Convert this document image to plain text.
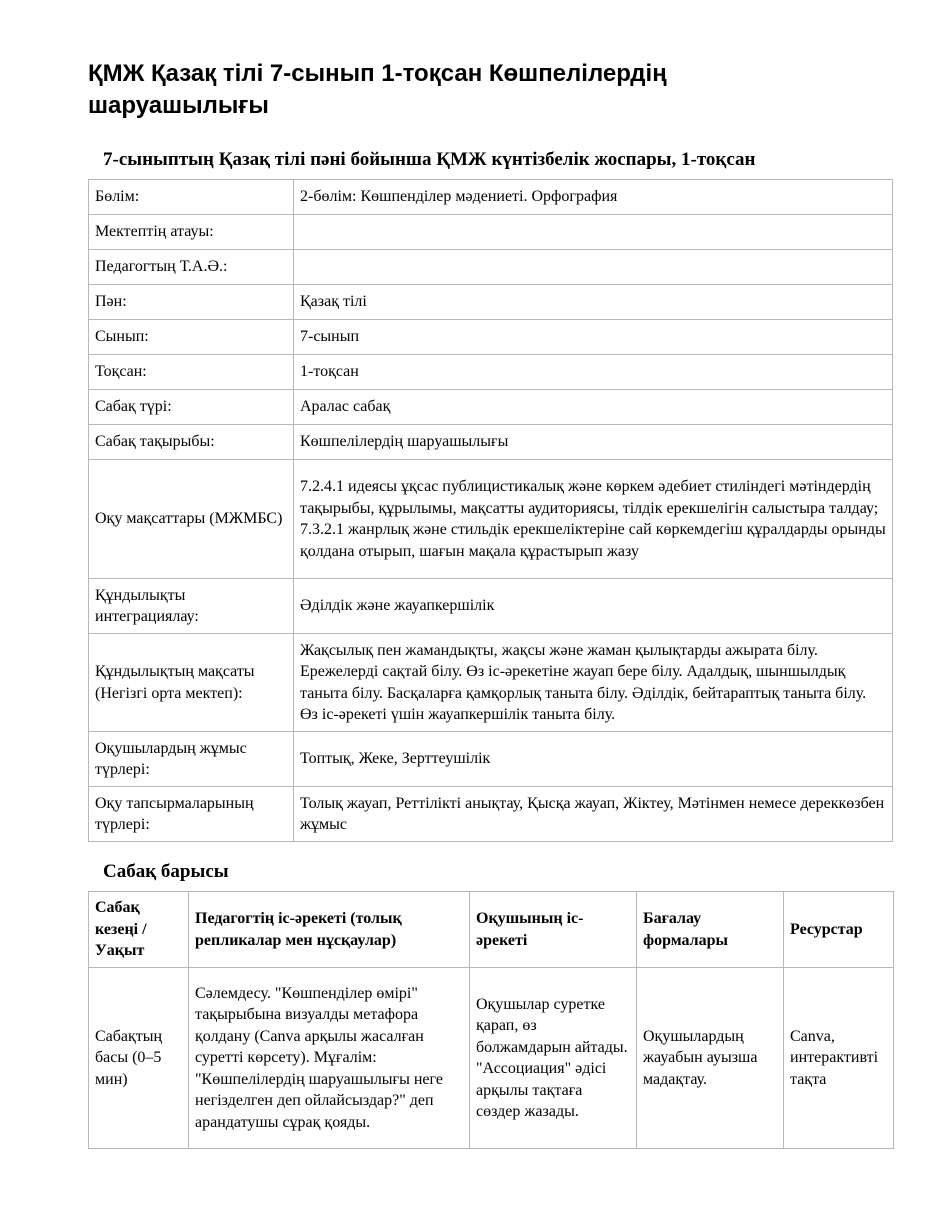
ҚМЖ Қазақ тілі 7-сынып 1-тоқсан Көшпелілердің шаруашылығы
7-сыныптың Қазақ тілі пәні бойынша ҚМЖ күнтізбелік жоспары, 1-тоқсан
Бөлім:	2-бөлім: Көшпенділер мәдениеті. Орфография
Мектептің атауы:	
Педагогтың Т.А.Ә.:	
Пән:	Қазақ тілі
Сынып:	7-сынып
Тоқсан:	1-тоқсан
Сабақ түрі:	Аралас сабақ
Сабақ тақырыбы:	Көшпелілердің шаруашылығы
Оқу мақсаттары (МЖМБС)	7.2.4.1 идеясы ұқсас публицистикалық және көркем әдебиет стиліндегі мәтіндердің тақырыбы, құрылымы, мақсатты аудиториясы, тілдік ерекшелігін салыстыра талдау; 7.3.2.1 жанрлық және стильдік ерекшеліктеріне сай көркемдегіш құралдарды орынды қолдана отырып, шағын мақала құрастырып жазу
Құндылықты интеграциялау:	Әділдік және жауапкершілік
Құндылықтың мақсаты (Негізгі орта мектеп):	Жақсылық пен жамандықты, жақсы және жаман қылықтарды ажырата білу. Ережелерді сақтай білу. Өз іс-әрекетіне жауап бере білу. Адалдық, шыншылдық таныта білу. Басқаларға қамқорлық таныта білу. Әділдік, бейтараптық таныта білу. Өз іс-әрекеті үшін жауапкершілік таныта білу.
Оқушылардың жұмыс түрлері:	Топтық, Жеке, Зерттеушілік
Оқу тапсырмаларының түрлері:	Толық жауап, Реттілікті анықтау, Қысқа жауап, Жіктеу, Мәтінмен немесе дереккөзбен жұмыс
Сабақ барысы
Сабақ кезеңі / Уақыт	Педагогтің іс-әрекеті (толық репликалар мен нұсқаулар)	Оқушының іс-әрекеті	Бағалау формалары	Ресурстар
Сабақтың басы (0–5 мин)	Сәлемдесу. "Көшпенділер өмірі" тақырыбына визуалды метафора қолдану (Canva арқылы жасалған суретті көрсету). Мұғалім: "Көшпелілердің шаруашылығы неге негізделген деп ойлайсыздар?" деп арандатушы сұрақ қояды.	Оқушылар суретке қарап, өз болжамдарын айтады. "Ассоциация" әдісі арқылы тақтаға сөздер жазады.	Оқушылардың жауабын ауызша мадақтау.	Canva, интерактивті тақта
